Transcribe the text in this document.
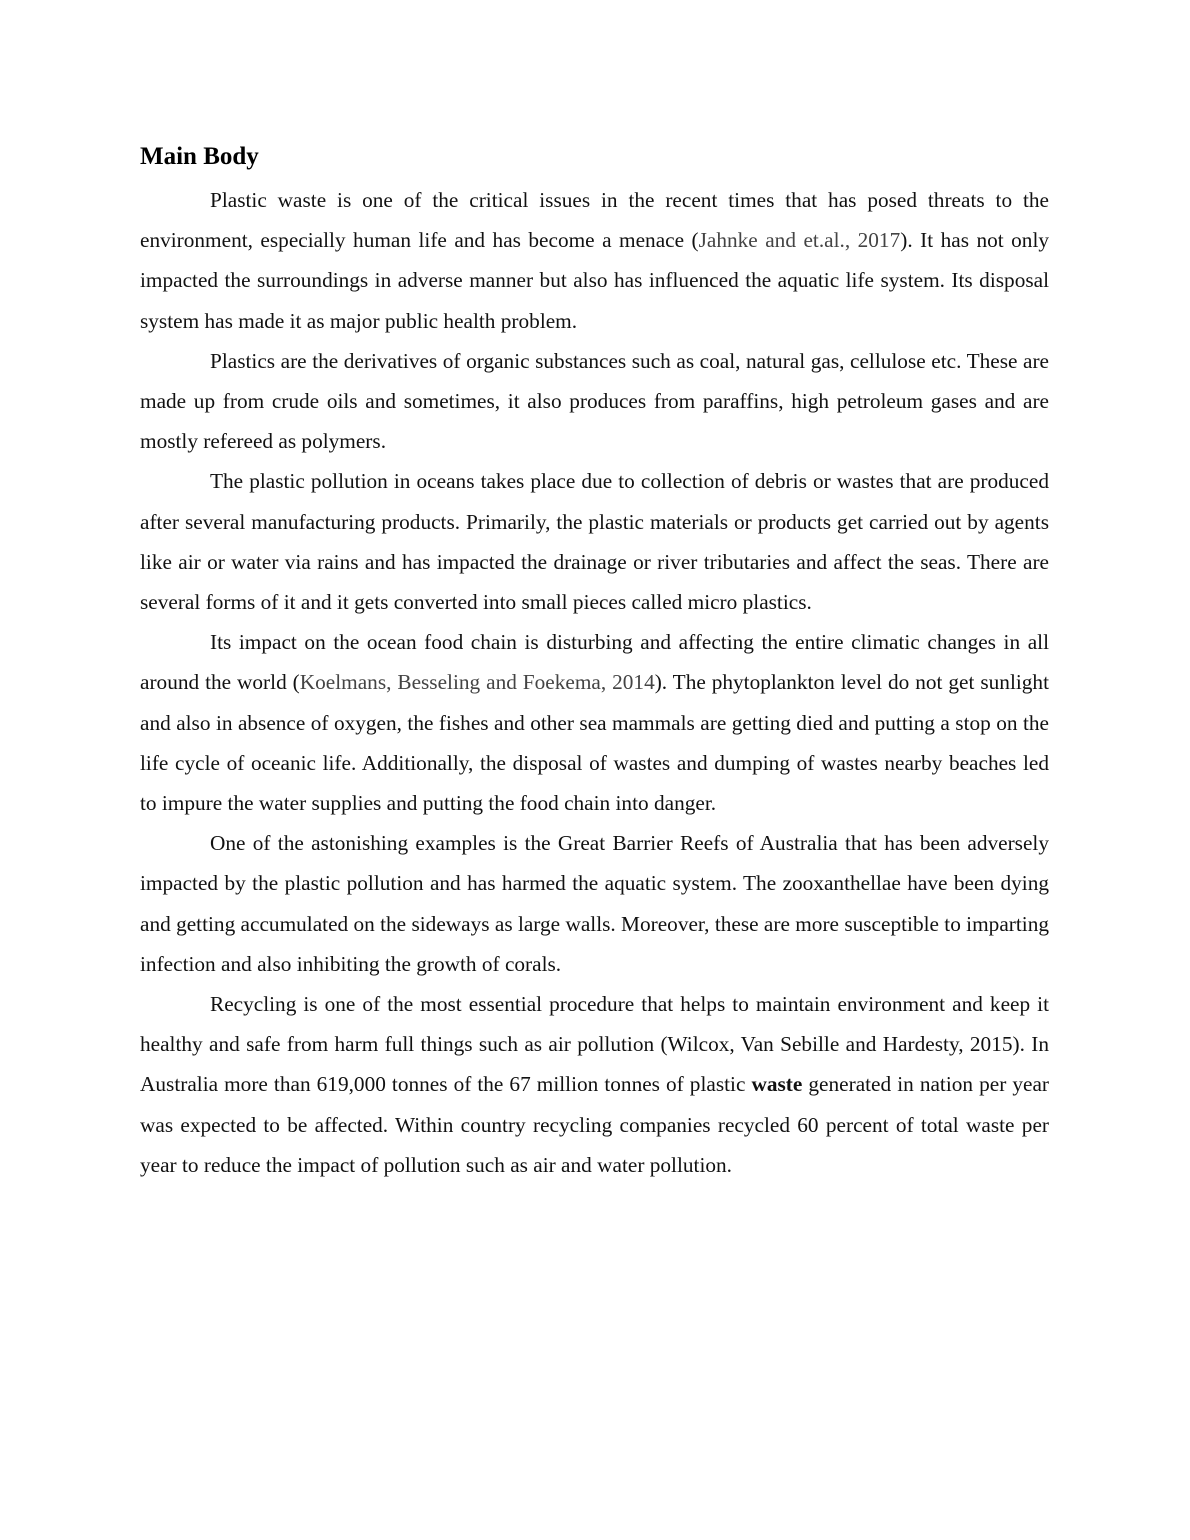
Main Body

Plastic waste is one of the critical issues in the recent times that has posed threats to the environment, especially human life and has become a menace (Jahnke and et.al., 2017). It has not only impacted the surroundings in adverse manner but also has influenced the aquatic life system. Its disposal system has made it as major public health problem.

Plastics are the derivatives of organic substances such as coal, natural gas, cellulose etc. These are made up from crude oils and sometimes, it also produces from paraffins, high petroleum gases and are mostly refereed as polymers.

The plastic pollution in oceans takes place due to collection of debris or wastes that are produced after several manufacturing products. Primarily, the plastic materials or products get carried out by agents like air or water via rains and has impacted the drainage or river tributaries and affect the seas. There are several forms of it and it gets converted into small pieces called micro plastics.

Its impact on the ocean food chain is disturbing and affecting the entire climatic changes in all around the world (Koelmans, Besseling and Foekema, 2014). The phytoplankton level do not get sunlight and also in absence of oxygen, the fishes and other sea mammals are getting died and putting a stop on the life cycle of oceanic life. Additionally, the disposal of wastes and dumping of wastes nearby beaches led to impure the water supplies and putting the food chain into danger.

One of the astonishing examples is the Great Barrier Reefs of Australia that has been adversely impacted by the plastic pollution and has harmed the aquatic system. The zooxanthellae have been dying and getting accumulated on the sideways as large walls. Moreover, these are more susceptible to imparting infection and also inhibiting the growth of corals.

Recycling is one of the most essential procedure that helps to maintain environment and keep it healthy and safe from harm full things such as air pollution (Wilcox, Van Sebille and Hardesty, 2015). In Australia more than 619,000 tonnes of the 67 million tonnes of plastic waste generated in nation per year was expected to be affected. Within country recycling companies recycled 60 percent of total waste per year to reduce the impact of pollution such as air and water pollution.
